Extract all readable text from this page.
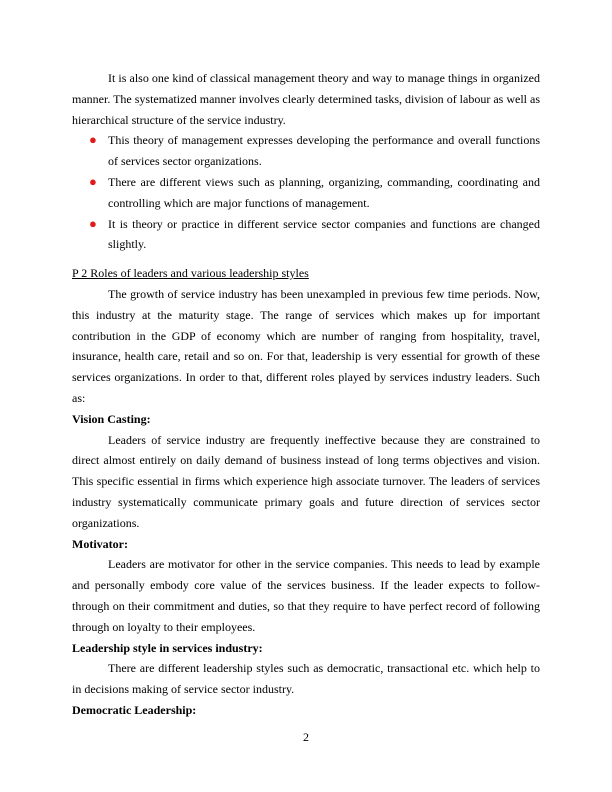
It is also one kind of classical management theory and way to manage things in organized manner. The systematized manner involves clearly determined tasks, division of labour as well as hierarchical structure of the service industry.

● This theory of management expresses developing the performance and overall functions of services sector organizations.
● There are different views such as planning, organizing, commanding, coordinating and controlling which are major functions of management.
● It is theory or practice in different service sector companies and functions are changed slightly.

P 2 Roles of leaders and various leadership styles

The growth of service industry has been unexampled in previous few time periods. Now, this industry at the maturity stage. The range of services which makes up for important contribution in the GDP of economy which are number of ranging from hospitality, travel, insurance, health care, retail and so on. For that, leadership is very essential for growth of these services organizations. In order to that, different roles played by services industry leaders. Such as:

Vision Casting:

Leaders of service industry are frequently ineffective because they are constrained to direct almost entirely on daily demand of business instead of long terms objectives and vision. This specific essential in firms which experience high associate turnover. The leaders of services industry systematically communicate primary goals and future direction of services sector organizations.

Motivator:

Leaders are motivator for other in the service companies. This needs to lead by example and personally embody core value of the services business. If the leader expects to follow-through on their commitment and duties, so that they require to have perfect record of following through on loyalty to their employees.

Leadership style in services industry:

There are different leadership styles such as democratic, transactional etc. which help to in decisions making of service sector industry.

Democratic Leadership:

2
